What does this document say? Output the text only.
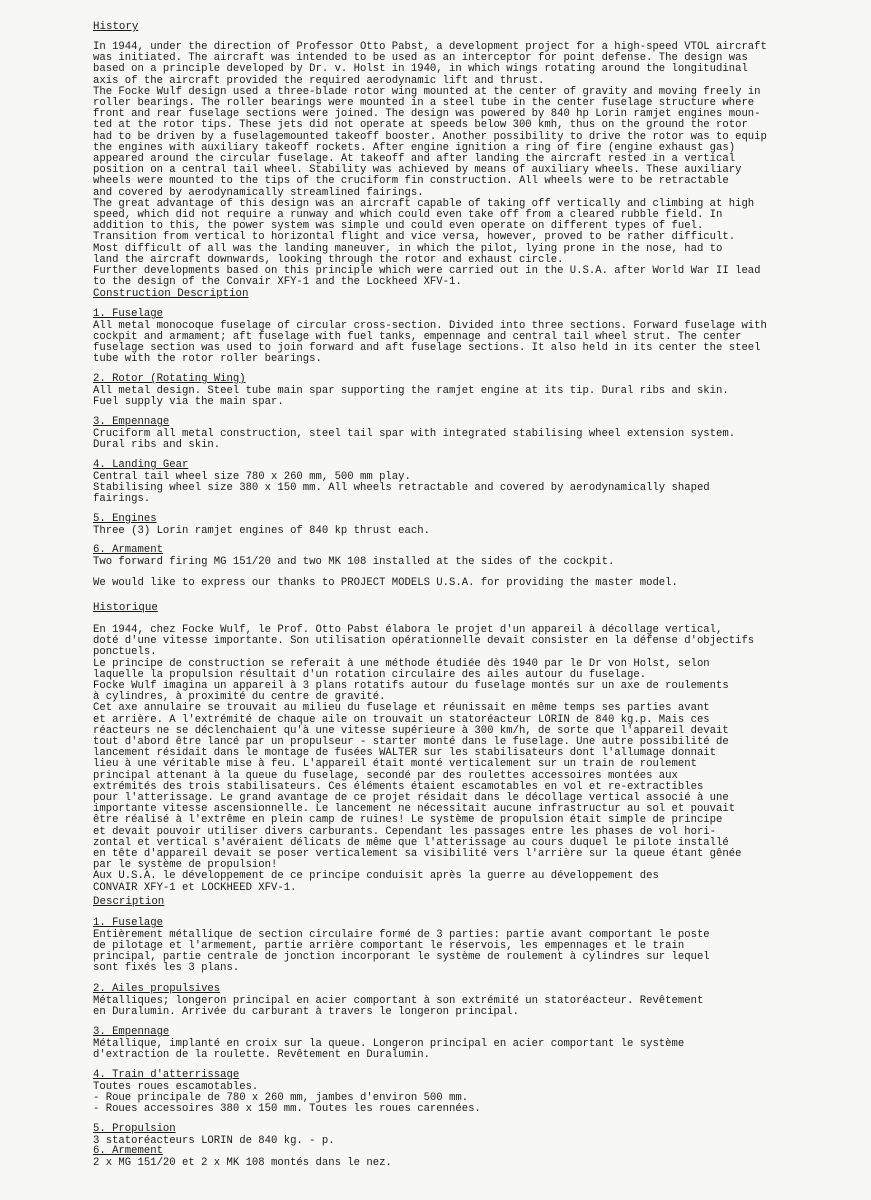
History

In 1944, under the direction of Professor Otto Pabst, a development project for a high-speed VTOL aircraft
was initiated. The aircraft was intended to be used as an interceptor for point defense. The design was
based on a principle developed by Dr. v. Holst in 1940, in which wings rotating around the longitudinal
axis of the aircraft provided the required aerodynamic lift and thrust.
The Focke Wulf design used a three-blade rotor wing mounted at the center of gravity and moving freely in
roller bearings. The roller bearings were mounted in a steel tube in the center fuselage structure where
front and rear fuselage sections were joined. The design was powered by 840 hp Lorin ramjet engines moun-
ted at the rotor tips. These jets did not operate at speeds below 300 kmh, thus on the ground the rotor
had to be driven by a fuselagemounted takeoff booster. Another possibility to drive the rotor was to equip
the engines with auxiliary takeoff rockets. After engine ignition a ring of fire (engine exhaust gas)
appeared around the circular fuselage. At takeoff and after landing the aircraft rested in a vertical
position on a central tail wheel. Stability was achieved by means of auxiliary wheels. These auxiliary
wheels were mounted to the tips of the cruciform fin construction. All wheels were to be retractable
and covered by aerodynamically streamlined fairings.
The great advantage of this design was an aircraft capable of taking off vertically and climbing at high
speed, which did not require a runway and which could even take off from a cleared rubble field. In
addition to this, the power system was simple und could even operate on different types of fuel.
Transition from vertical to horizontal flight and vice versa, however, proved to be rather difficult.
Most difficult of all was the landing maneuver, in which the pilot, lying prone in the nose, had to
land the aircraft downwards, looking through the rotor and exhaust circle.
Further developments based on this principle which were carried out in the U.S.A. after World War II lead
to the design of the Convair XFY-1 and the Lockheed XFV-1.

Construction Description

1. Fuselage

All metal monocoque fuselage of circular cross-section. Divided into three sections. Forward fuselage with
cockpit and armament; aft fuselage with fuel tanks, empennage and central tail wheel strut. The center
fuselage section was used to join forward and aft fuselage sections. It also held in its center the steel
tube with the rotor roller bearings.

2. Rotor (Rotating Wing)

All metal design. Steel tube main spar supporting the ramjet engine at its tip. Dural ribs and skin.
Fuel supply via the main spar.

3. Empennage

Cruciform all metal construction, steel tail spar with integrated stabilising wheel extension system.
Dural ribs and skin.

4. Landing Gear

Central tail wheel size 780 x 260 mm, 500 mm play.
Stabilising wheel size 380 x 150 mm. All wheels retractable and covered by aerodynamically shaped
fairings.

5. Engines

Three (3) Lorin ramjet engines of 840 kp thrust each.

6. Armament

Two forward firing MG 151/20 and two MK 108 installed at the sides of the cockpit.

We would like to express our thanks to PROJECT MODELS U.S.A. for providing the master model.

Historique

En 1944, chez Focke Wulf, le Prof. Otto Pabst élabora le projet d'un appareil à décollage vertical,
doté d'une vitesse importante. Son utilisation opérationnelle devait consister en la défense d'objectifs
ponctuels.
Le principe de construction se referait à une méthode étudiée dès 1940 par le Dr von Holst, selon
laquelle la propulsion résultait d'un rotation circulaire des ailes autour du fuselage.
Focke Wulf imagina un appareil à 3 plans rotatifs autour du fuselage montés sur un axe de roulements
à cylindres, à proximité du centre de gravité.
Cet axe annulaire se trouvait au milieu du fuselage et réunissait en même temps ses parties avant
et arrière. A l'extrémité de chaque aile on trouvait un statoréacteur LORIN de 840 kg.p. Mais ces
réacteurs ne se déclenchaient qu'à une vitesse supérieure à 300 km/h, de sorte que l'appareil devait
tout d'abord être lancé par un propulseur - starter monté dans le fuselage. Une autre possibilité de
lancement résidait dans le montage de fusées WALTER sur les stabilisateurs dont l'allumage donnait
lieu à une véritable mise à feu. L'appareil était monté verticalement sur un train de roulement
principal attenant à la queue du fuselage, secondé par des roulettes accessoires montées aux
extrémités des trois stabilisateurs. Ces éléments étaient escamotables en vol et re-extractibles
pour l'atterissage. Le grand avantage de ce projet résidait dans le décollage vertical associé à une
importante vitesse ascensionnelle. Le lancement ne nécessitait aucune infrastructur au sol et pouvait
être réalisé à l'extrême en plein camp de ruines! Le système de propulsion était simple de principe
et devait pouvoir utiliser divers carburants. Cependant les passages entre les phases de vol hori-
zontal et vertical s'avéraient délicats de même que l'atterissage au cours duquel le pilote installé
en tête d'appareil devait se poser verticalement sa visibilité vers l'arrière sur la queue étant gênée
par le système de propulsion!
Aux U.S.A. le développement de ce principe conduisit après la guerre au développement des
CONVAIR XFY-1 et LOCKHEED XFV-1.

Description

1. Fuselage

Entièrement métallique de section circulaire formé de 3 parties: partie avant comportant le poste
de pilotage et l'armement, partie arrière comportant le réservois, les empennages et le train
principal, partie centrale de jonction incorporant le système de roulement à cylindres sur lequel
sont fixés les 3 plans.

2. Ailes propulsives

Métalliques; longeron principal en acier comportant à son extrémité un statoréacteur. Revêtement
en Duralumin. Arrivée du carburant à travers le longeron principal.

3. Empennage

Métallique, implanté en croix sur la queue. Longeron principal en acier comportant le système
d'extraction de la roulette. Revêtement en Duralumin.

4. Train d'atterrissage

Toutes roues escamotables.
- Roue principale de 780 x 260 mm, jambes d'environ 500 mm.
- Roues accessoires 380 x 150 mm. Toutes les roues carennées.

5. Propulsion

3 statoréacteurs LORIN de 840 kg. - p.

6. Armement

2 x MG 151/20 et 2 x MK 108 montés dans le nez.
